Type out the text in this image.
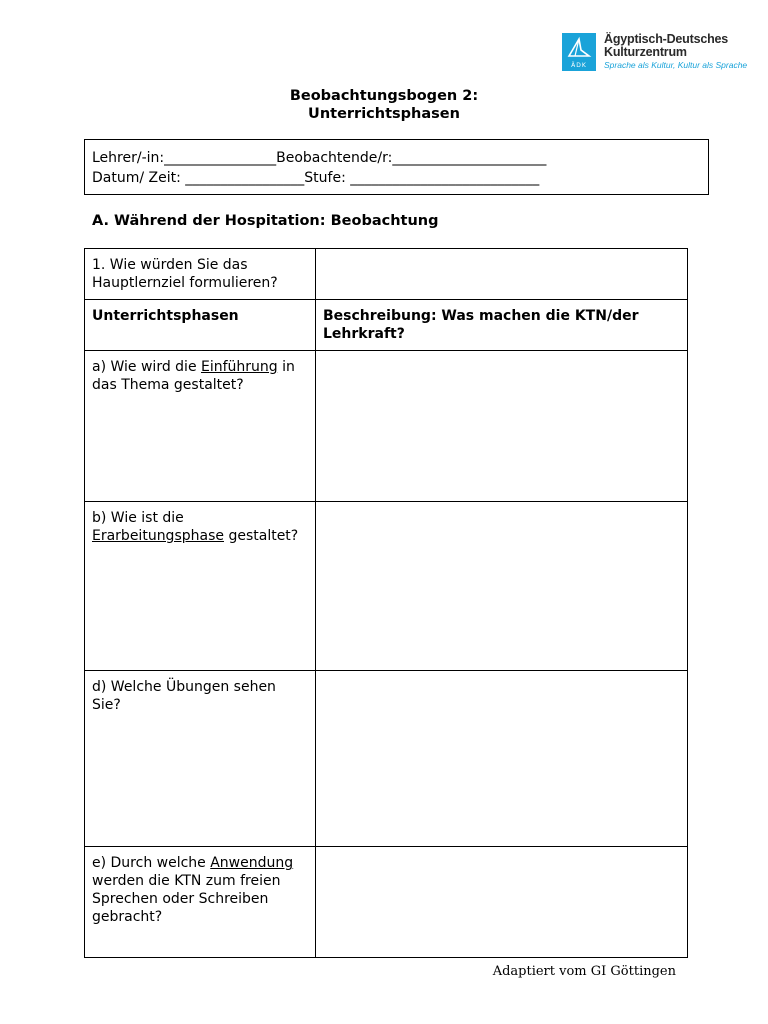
ÄDK
Ägyptisch-Deutsches
Kulturzentrum
Sprache als Kultur, Kultur als Sprache
Beobachtungsbogen 2:
Unterrichtsphasen
Lehrer/-in:________________Beobachtende/r:______________________
Datum/ Zeit: _________________Stufe: ___________________________
A. Während der Hospitation: Beobachtung
1. Wie würden Sie das Hauptlernziel formulieren?	
Unterrichtsphasen	Beschreibung: Was machen die KTN/der Lehrkraft?
a) Wie wird die Einführung in das Thema gestaltet?	
b) Wie ist die Erarbeitungsphase gestaltet?	
d) Welche Übungen sehen Sie?	
e) Durch welche Anwendung werden die KTN zum freien Sprechen oder Schreiben gebracht?	
Adaptiert vom GI Göttingen
